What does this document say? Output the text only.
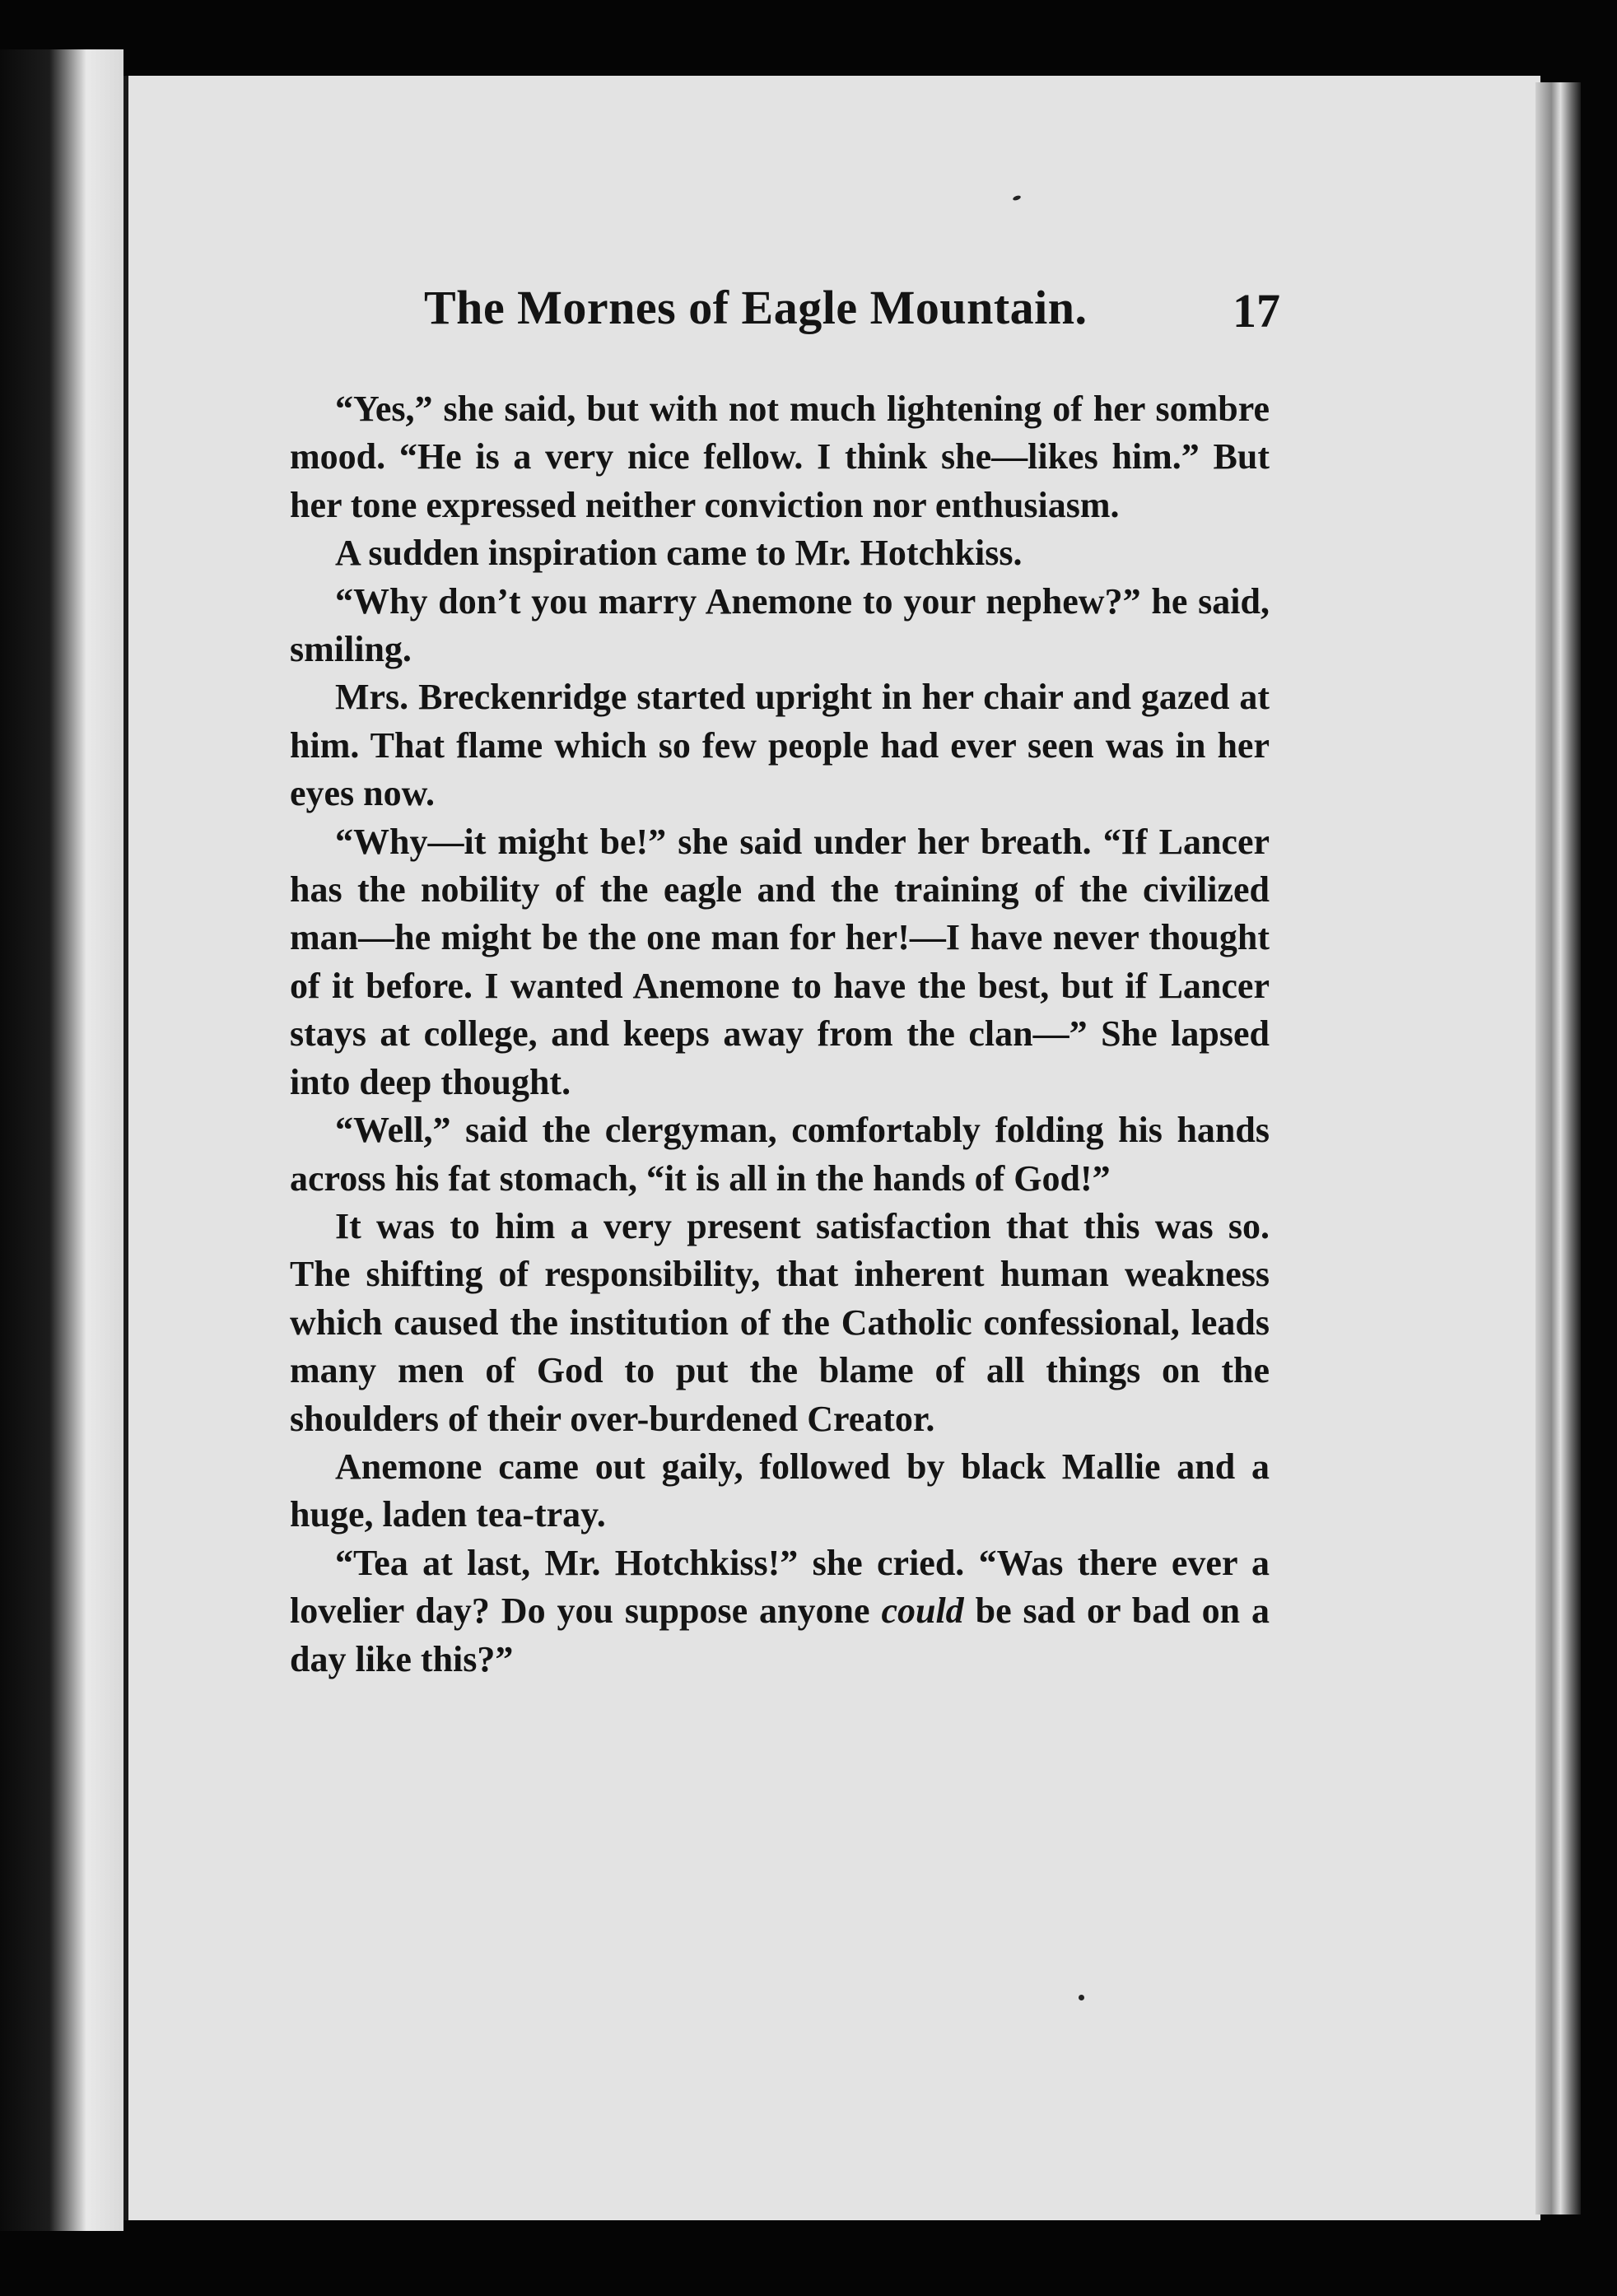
The Mornes of Eagle Mountain.	17

“Yes,” she said, but with not much lightening of her sombre mood. “He is a very nice fellow. I think she—likes him.” But her tone expressed neither conviction nor enthusiasm.

A sudden inspiration came to Mr. Hotchkiss.

“Why don’t you marry Anemone to your nephew?” he said, smiling.

Mrs. Breckenridge started upright in her chair and gazed at him. That flame which so few people had ever seen was in her eyes now.

“Why—it might be!” she said under her breath. “If Lancer has the nobility of the eagle and the training of the civilized man—he might be the one man for her!—I have never thought of it before. I wanted Anemone to have the best, but if Lancer stays at college, and keeps away from the clan—” She lapsed into deep thought.

“Well,” said the clergyman, comfortably folding his hands across his fat stomach, “it is all in the hands of God!”

It was to him a very present satisfaction that this was so. The shifting of responsibility, that inherent human weakness which caused the institution of the Catholic confessional, leads many men of God to put the blame of all things on the shoulders of their over-burdened Creator.

Anemone came out gaily, followed by black Mallie and a huge, laden tea-tray.

“Tea at last, Mr. Hotchkiss!” she cried. “Was there ever a lovelier day? Do you suppose anyone could be sad or bad on a day like this?”
